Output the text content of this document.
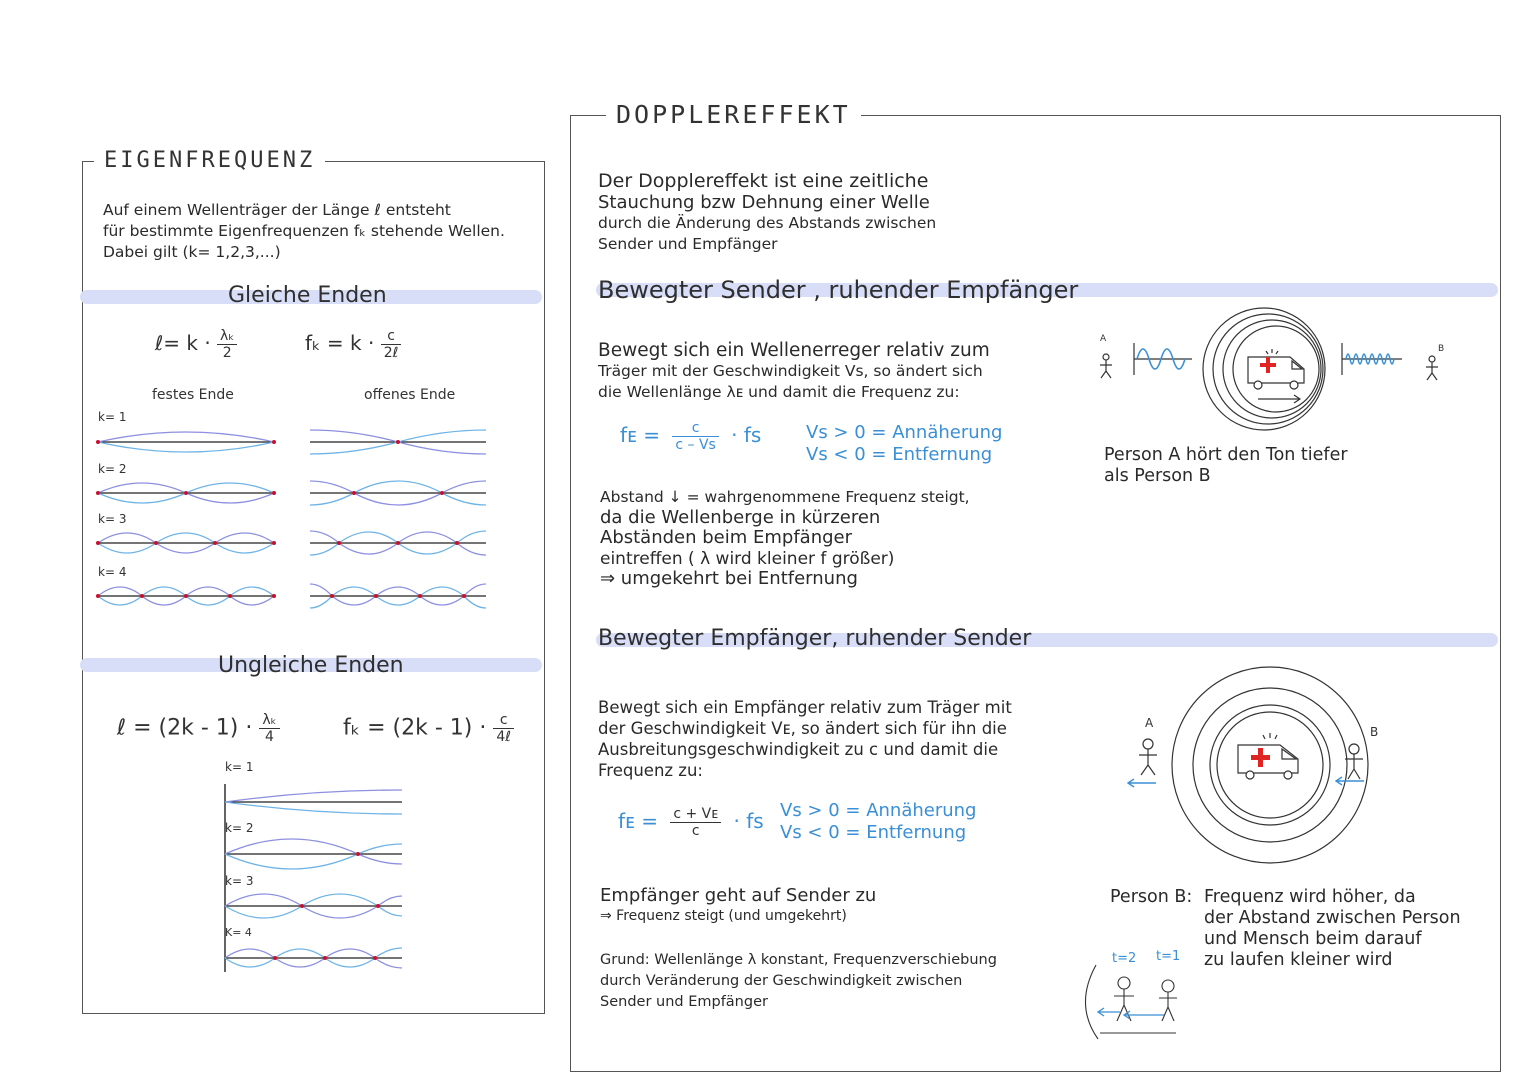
EIGENFREQUENZ
Auf einem Wellenträger der Länge ℓ entsteht
für bestimmte Eigenfrequenzen fₖ stehende Wellen.
Dabei gilt (k= 1,2,3,...)
Gleiche Enden
ℓ= $k \cdot \frac{\text{λₖ}}{2}$	$f_k = k \cdot \frac{c}{\text{2ℓ}}$
festes Ende	offenes Ende
k= 1
k= 2
k= 3
k= 4
Ungleiche Enden
ℓ = $(2k - 1) \cdot \frac{\text{λₖ}}{4}$	$f_k = (2k - 1) \cdot \frac{c}{\text{4ℓ}}$
k= 1
k= 2
k= 3
K= 4
DOPPLEREFFEKT
Der Dopplereffekt ist eine zeitliche
Stauchung bzw Dehnung einer Welle
durch die Änderung des Abstands zwischen
Sender und Empfänger
Bewegter Sender , ruhender Empfänger
Bewegt sich ein Wellenerreger relativ zum
Träger mit der Geschwindigkeit Vs, so ändert sich
die Wellenlänge λᴇ und damit die Frequenz zu:
fᴇ = $\frac{c}{c - Vs}$ · fs Vs > 0 = Annäherung
Vs < 0 = Entfernung
Abstand ↓ = wahrgenommene Frequenz steigt,
da die Wellenberge in kürzeren
Abständen beim Empfänger
eintreffen ( λ wird kleiner f größer)
⇒ umgekehrt bei Entfernung
A
B
Person A hört den Ton tiefer
als Person B
Bewegter Empfänger, ruhender Sender
Bewegt sich ein Empfänger relativ zum Träger mit
der Geschwindigkeit Vᴇ, so ändert sich für ihn die
Ausbreitungsgeschwindigkeit zu c und damit die
Frequenz zu:
fᴇ = $\frac{\text{c + Vᴇ}}{c}$ · fs Vs > 0 = Annäherung
Vs < 0 = Entfernung
Empfänger geht auf Sender zu
⇒ Frequenz steigt (und umgekehrt)
Grund: Wellenlänge λ konstant, Frequenzverschiebung
durch Veränderung der Geschwindigkeit zwischen
Sender und Empfänger
A
B
Person B: Frequenz wird höher, da
der Abstand zwischen Person
und Mensch beim darauf
zu laufen kleiner wird
t=2 t=1
